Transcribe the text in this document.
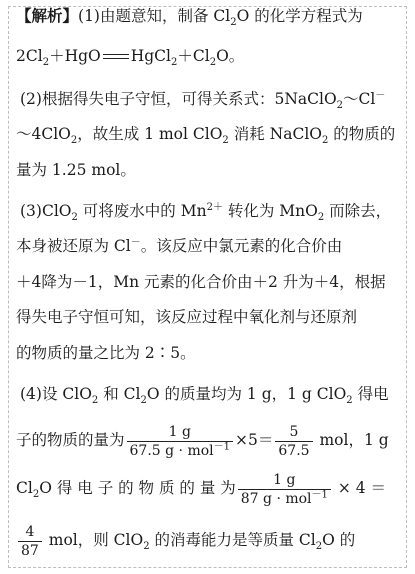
【解析】(1)由题意知，制备 $Cl_2O$ 的化学方程式为
$2Cl_2+HgO$ $HgCl_2+Cl_2O$。
(2)根据得失电子守恒，可得关系式：5NaClO$_2$～Cl－
～4ClO$_2$，故生成 1 mol ClO$_2$ 消耗 NaClO$_2$ 的物质的
量为 1.25 mol。
(3)ClO$_2$ 可将废水中的 $Mn^{2+}$ 转化为 MnO$_2$ 而除去，
本身被还原为 Cl－。该反应中氯元素的化合价由
＋4降为－1，Mn 元素的化合价由＋2 升为＋4，根据
得失电子守恒可知，该反应过程中氧化剂与还原剂
的物质的量之比为 2∶5。
(4)设 ClO$_2$ 和 $Cl_2O$ 的质量均为 1 g，1 g ClO$_2$ 得电
子的物质的量为 $\frac{1 g}{67.5 g \cdot mol^{-1}} \times 5= \frac{5}{67.5}$ mol，1 g
$Cl_2O$ 得 电 子 的 物 质 的 量 为 $\frac{1 g}{87 g \cdot mol^{-1}} \times 4$ ＝
$\frac{4}{87}$ mol，则 ClO$_2$ 的消毒能力是等质量 $Cl_2O$ 的
